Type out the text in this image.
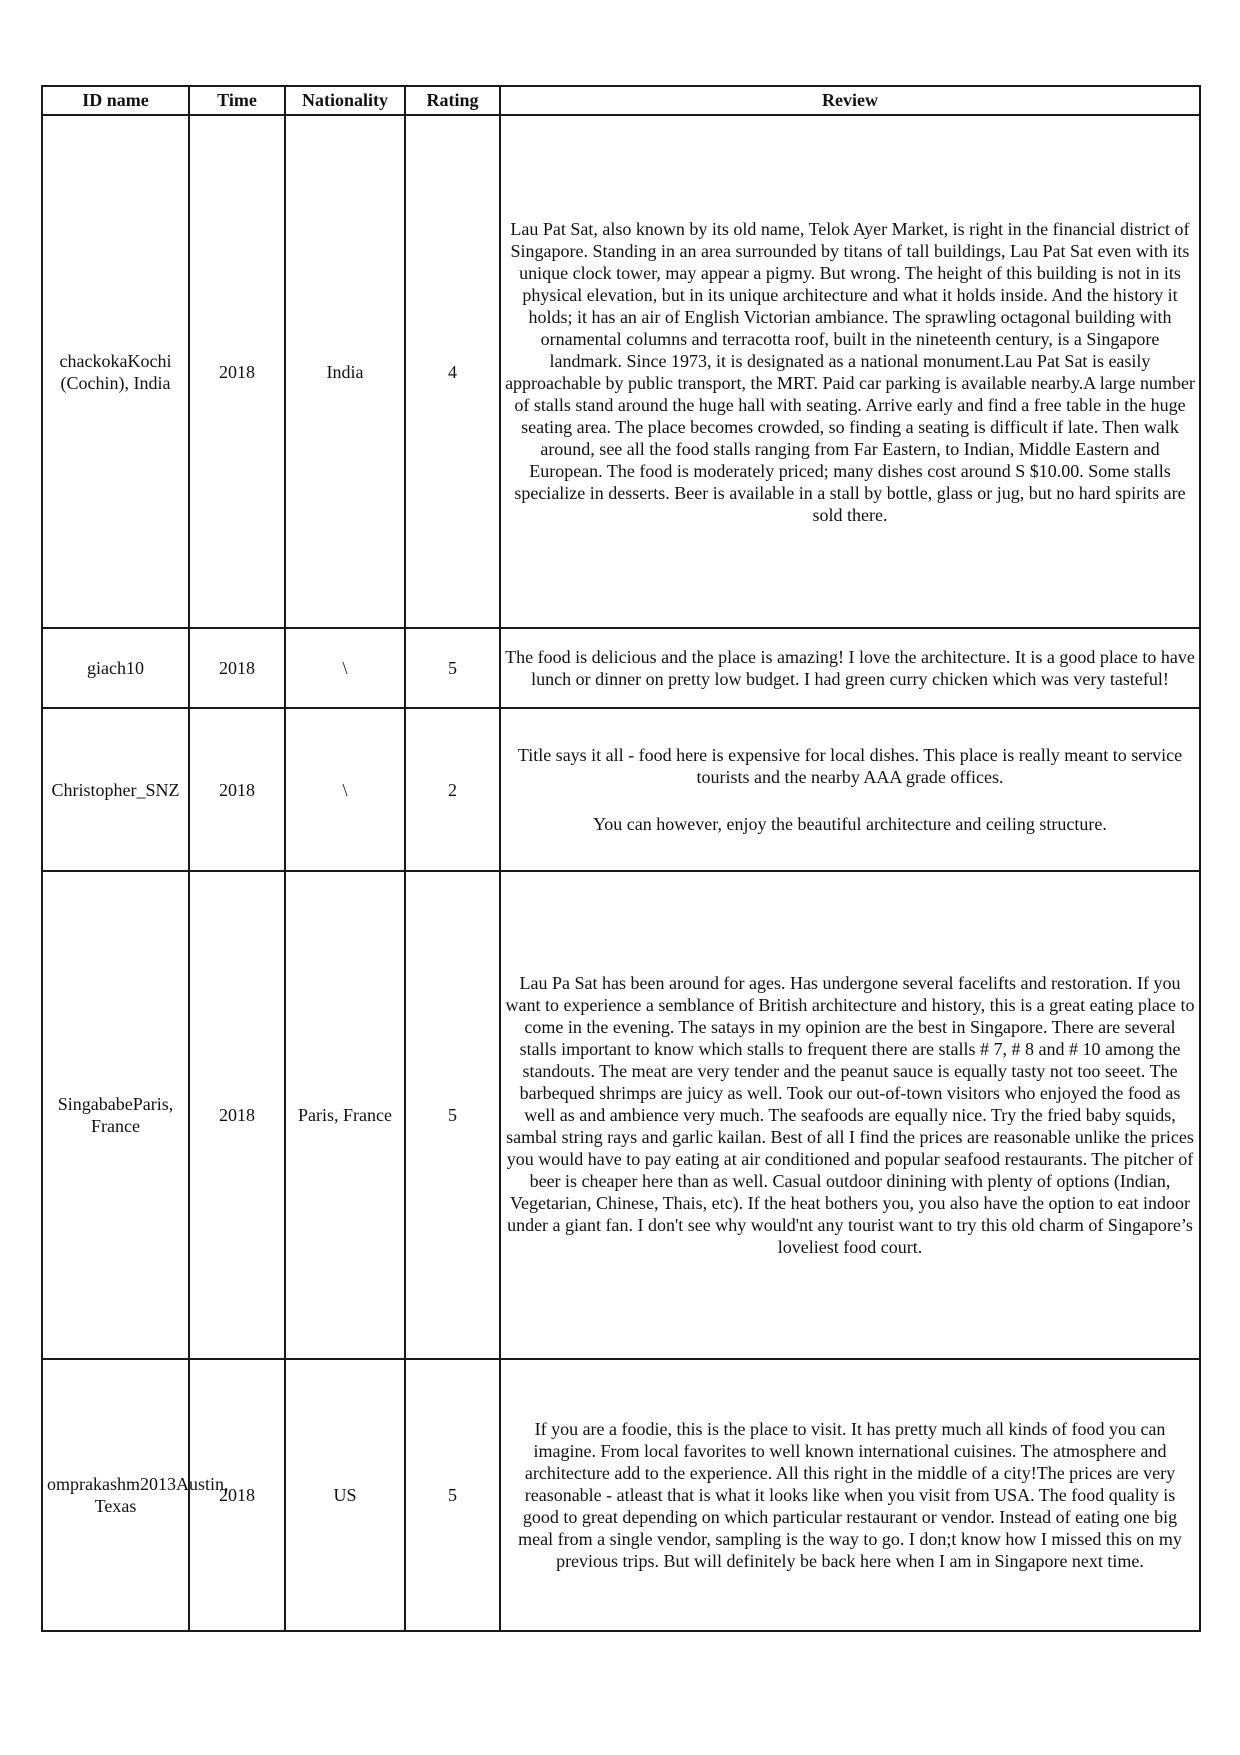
ID name	Time	Nationality	Rating	Review
chackokaKochi (Cochin), India	2018	India	4	Lau Pat Sat, also known by its old name, Telok Ayer Market, is right in the financial district of Singapore. Standing in an area surrounded by titans of tall buildings, Lau Pat Sat even with its unique clock tower, may appear a pigmy. But wrong. The height of this building is not in its physical elevation, but in its unique architecture and what it holds inside. And the history it holds; it has an air of English Victorian ambiance. The sprawling octagonal building with ornamental columns and terracotta roof, built in the nineteenth century, is a Singapore landmark. Since 1973, it is designated as a national monument.Lau Pat Sat is easily approachable by public transport, the MRT. Paid car parking is available nearby.A large number of stalls stand around the huge hall with seating. Arrive early and find a free table in the huge seating area. The place becomes crowded, so finding a seating is difficult if late. Then walk around, see all the food stalls ranging from Far Eastern, to Indian, Middle Eastern and European. The food is moderately priced; many dishes cost around S $10.00. Some stalls specialize in desserts. Beer is available in a stall by bottle, glass or jug, but no hard spirits are sold there.

giach10	2018	\	5	The food is delicious and the place is amazing! I love the architecture. It is a good place to have lunch or dinner on pretty low budget. I had green curry chicken which was very tasteful!

Christopher_SNZ	2018	\	2	Title says it all - food here is expensive for local dishes. This place is really meant to service tourists and the nearby AAA grade offices.
You can however, enjoy the beautiful architecture and ceiling structure.

SingababeParis, France	2018	Paris, France	5	Lau Pa Sat has been around for ages. Has undergone several facelifts and restoration. If you want to experience a semblance of British architecture and history, this is a great eating place to come in the evening. The satays in my opinion are the best in Singapore. There are several stalls important to know which stalls to frequent there are stalls # 7, # 8 and # 10 among the standouts. The meat are very tender and the peanut sauce is equally tasty not too seeet. The barbequed shrimps are juicy as well. Took our out-of-town visitors who enjoyed the food as well as and ambience very much. The seafoods are equally nice. Try the fried baby squids, sambal string rays and garlic kailan. Best of all I find the prices are reasonable unlike the prices you would have to pay eating at air conditioned and popular seafood restaurants. The pitcher of beer is cheaper here than as well. Casual outdoor dinining with plenty of options (Indian, Vegetarian, Chinese, Thais, etc). If the heat bothers you, you also have the option to eat indoor under a giant fan. I don't see why would'nt any tourist want to try this old charm of Singapore’s loveliest food court.

omprakashm2013Austin, Texas	2018	US	5	If you are a foodie, this is the place to visit. It has pretty much all kinds of food you can imagine. From local favorites to well known international cuisines. The atmosphere and architecture add to the experience. All this right in the middle of a city!The prices are very reasonable - atleast that is what it looks like when you visit from USA. The food quality is good to great depending on which particular restaurant or vendor. Instead of eating one big meal from a single vendor, sampling is the way to go. I don;t know how I missed this on my previous trips. But will definitely be back here when I am in Singapore next time.
